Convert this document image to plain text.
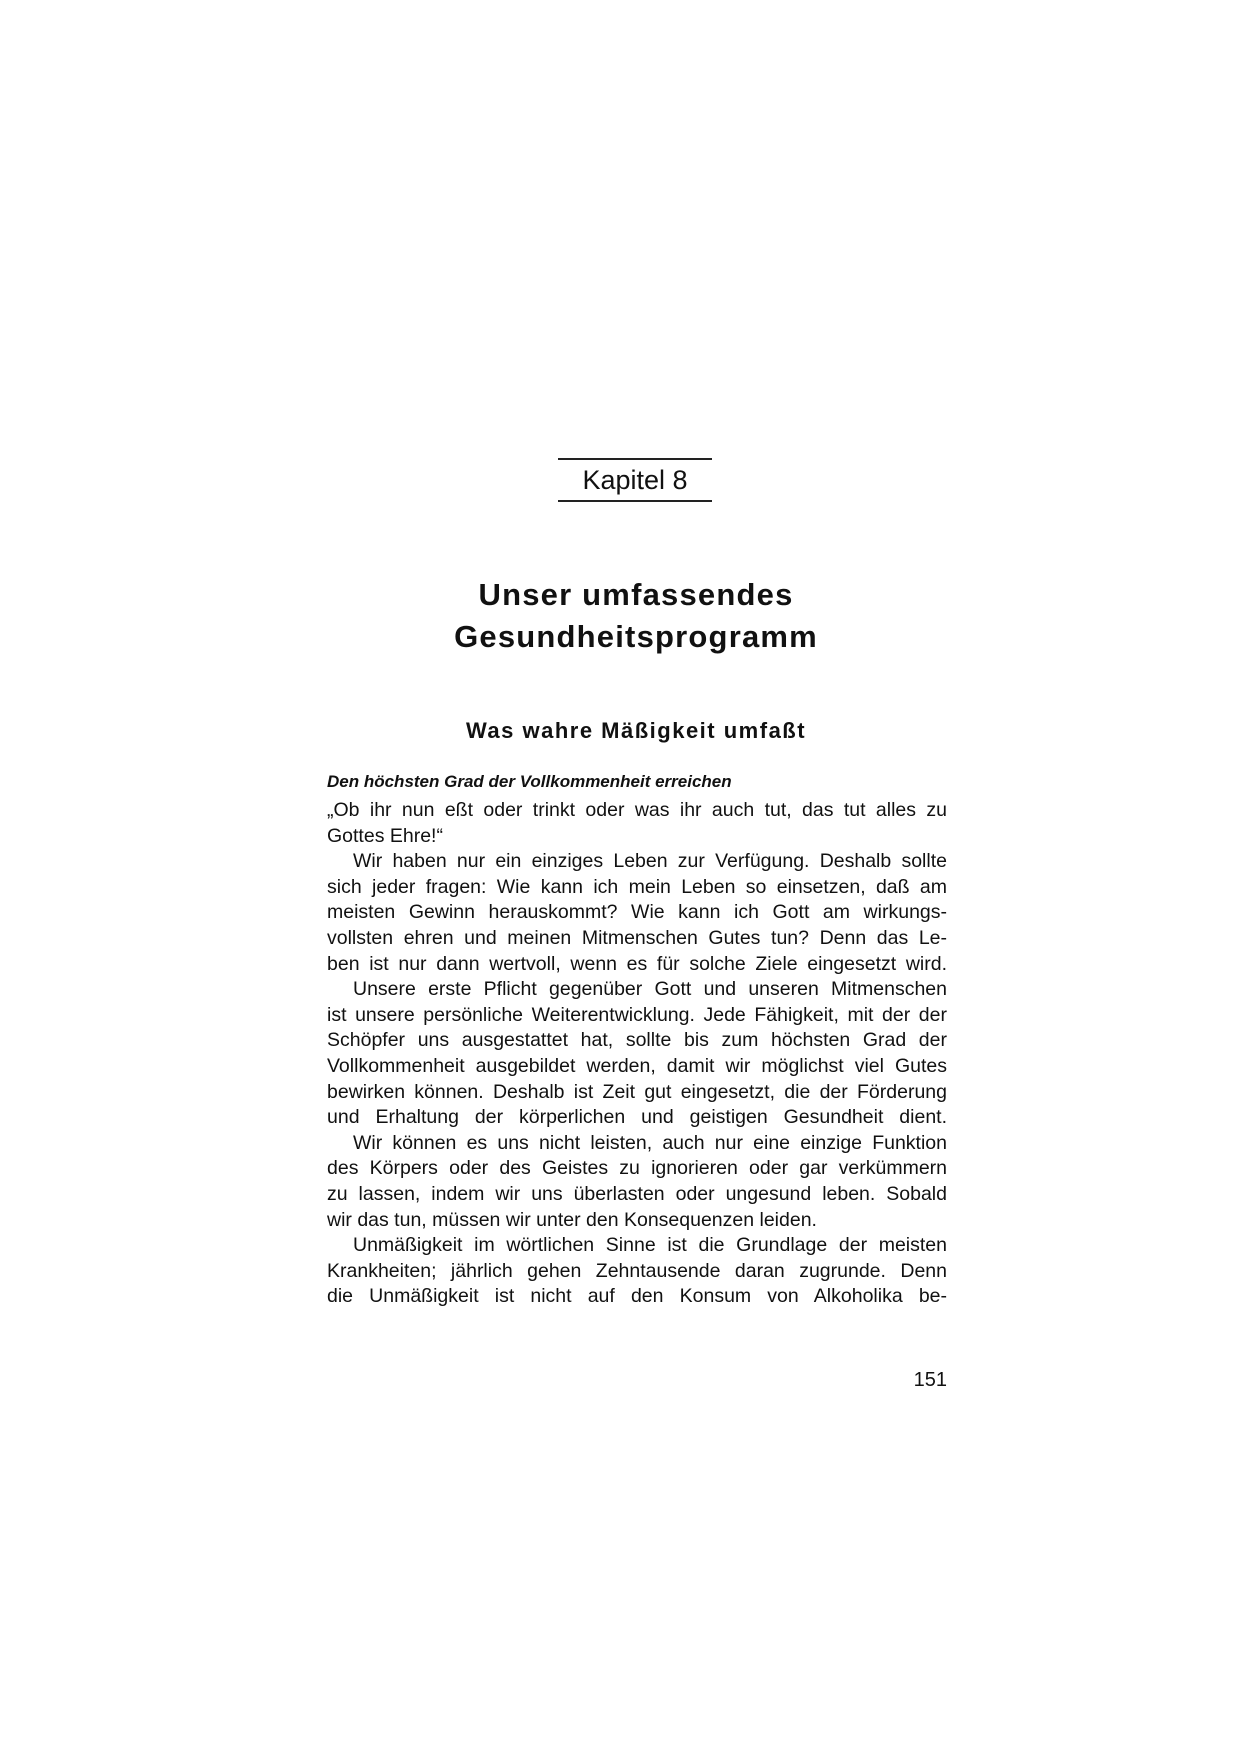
Kapitel 8
Unser umfassendes
Gesundheitsprogramm
Was wahre Mäßigkeit umfaßt
Den höchsten Grad der Vollkommenheit erreichen
„Ob ihr nun eßt oder trinkt oder was ihr auch tut, das tut alles zu
Gottes Ehre!“
Wir haben nur ein einziges Leben zur Verfügung. Deshalb sollte
sich jeder fragen: Wie kann ich mein Leben so einsetzen, daß am
meisten Gewinn herauskommt? Wie kann ich Gott am wirkungs-
vollsten ehren und meinen Mitmenschen Gutes tun? Denn das Le-
ben ist nur dann wertvoll, wenn es für solche Ziele eingesetzt wird.
Unsere erste Pflicht gegenüber Gott und unseren Mitmenschen
ist unsere persönliche Weiterentwicklung. Jede Fähigkeit, mit der der
Schöpfer uns ausgestattet hat, sollte bis zum höchsten Grad der
Vollkommenheit ausgebildet werden, damit wir möglichst viel Gutes
bewirken können. Deshalb ist Zeit gut eingesetzt, die der Förderung
und Erhaltung der körperlichen und geistigen Gesundheit dient.
Wir können es uns nicht leisten, auch nur eine einzige Funktion
des Körpers oder des Geistes zu ignorieren oder gar verkümmern
zu lassen, indem wir uns überlasten oder ungesund leben. Sobald
wir das tun, müssen wir unter den Konsequenzen leiden.
Unmäßigkeit im wörtlichen Sinne ist die Grundlage der meisten
Krankheiten; jährlich gehen Zehntausende daran zugrunde. Denn
die Unmäßigkeit ist nicht auf den Konsum von Alkoholika be-
151
